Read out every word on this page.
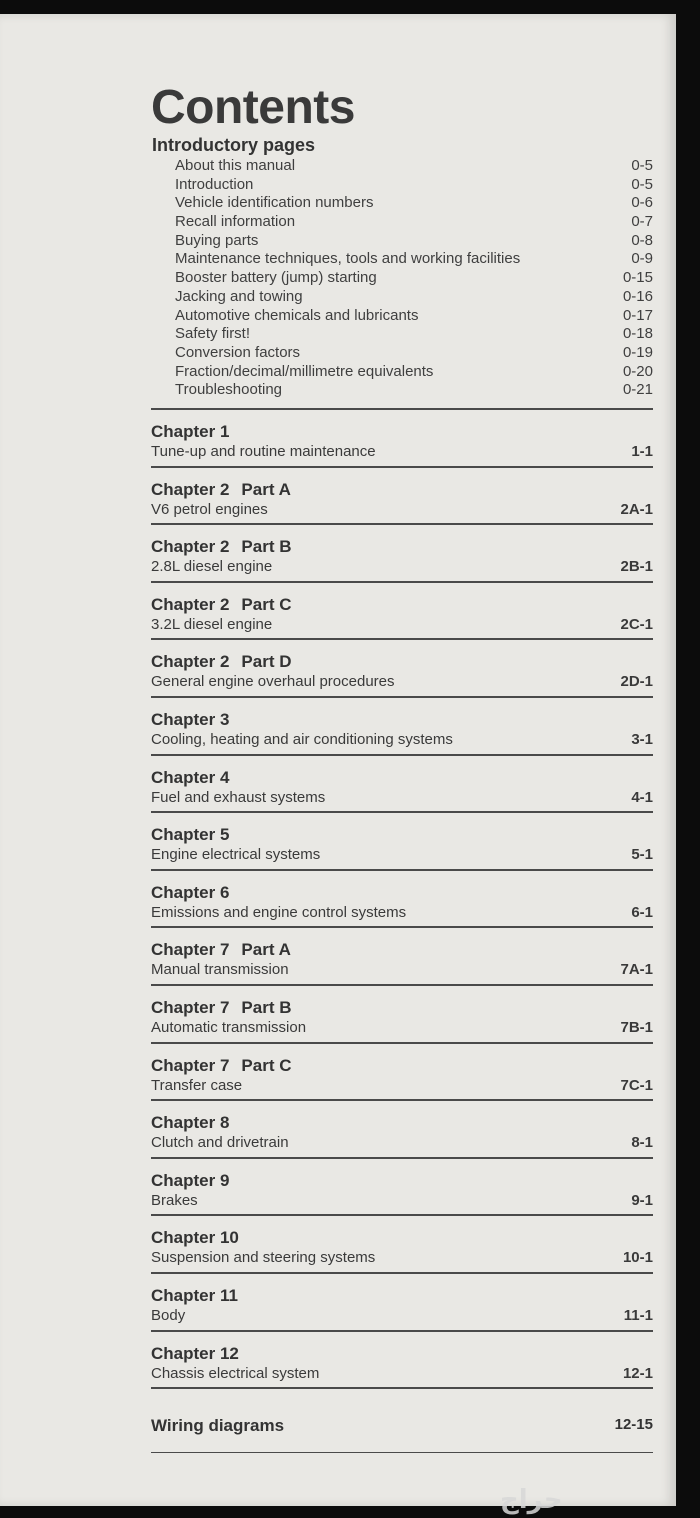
Contents
Introductory pages
About this manual	0-5
Introduction	0-5
Vehicle identification numbers	0-6
Recall information	0-7
Buying parts	0-8
Maintenance techniques, tools and working facilities	0-9
Booster battery (jump) starting	0-15
Jacking and towing	0-16
Automotive chemicals and lubricants	0-17
Safety first!	0-18
Conversion factors	0-19
Fraction/decimal/millimetre equivalents	0-20
Troubleshooting	0-21
Chapter 1
Tune-up and routine maintenance	1-1
Chapter 2 Part A
V6 petrol engines	2A-1
Chapter 2 Part B
2.8L diesel engine	2B-1
Chapter 2 Part C
3.2L diesel engine	2C-1
Chapter 2 Part D
General engine overhaul procedures	2D-1
Chapter 3
Cooling, heating and air conditioning systems	3-1
Chapter 4
Fuel and exhaust systems	4-1
Chapter 5
Engine electrical systems	5-1
Chapter 6
Emissions and engine control systems	6-1
Chapter 7 Part A
Manual transmission	7A-1
Chapter 7 Part B
Automatic transmission	7B-1
Chapter 7 Part C
Transfer case	7C-1
Chapter 8
Clutch and drivetrain	8-1
Chapter 9
Brakes	9-1
Chapter 10
Suspension and steering systems	10-1
Chapter 11
Body	11-1
Chapter 12
Chassis electrical system	12-1
Wiring diagrams	12-15
حراج
